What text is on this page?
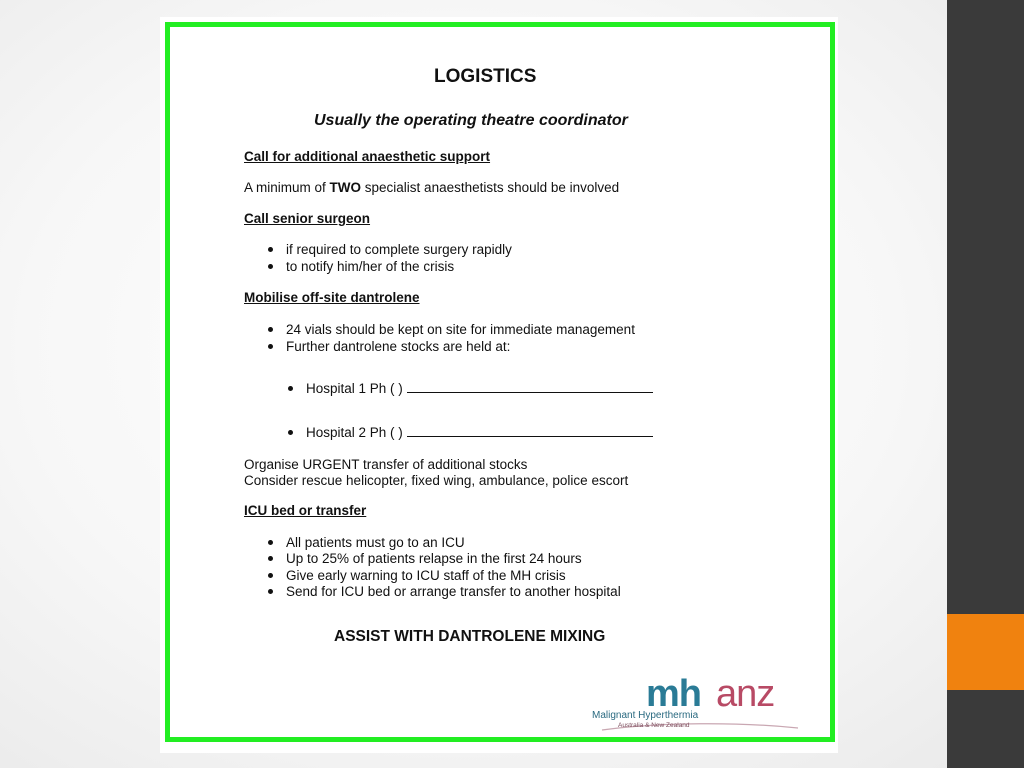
LOGISTICS
Usually the operating theatre coordinator
Call for additional anaesthetic support
A minimum of TWO specialist anaesthetists should be involved
Call senior surgeon
if required to complete surgery rapidly
to notify him/her of the crisis
Mobilise off-site dantrolene
24 vials should be kept on site for immediate management
Further dantrolene stocks are held at:
Hospital 1 Ph ( )
Hospital 2 Ph ( )
Organise URGENT transfer of additional stocks
Consider rescue helicopter, fixed wing, ambulance, police escort
ICU bed or transfer
All patients must go to an ICU
Up to 25% of patients relapse in the first 24 hours
Give early warning to ICU staff of the MH crisis
Send for ICU bed or arrange transfer to another hospital
ASSIST WITH DANTROLENE MIXING
mh anz
Malignant Hyperthermia
Australia & New Zealand
